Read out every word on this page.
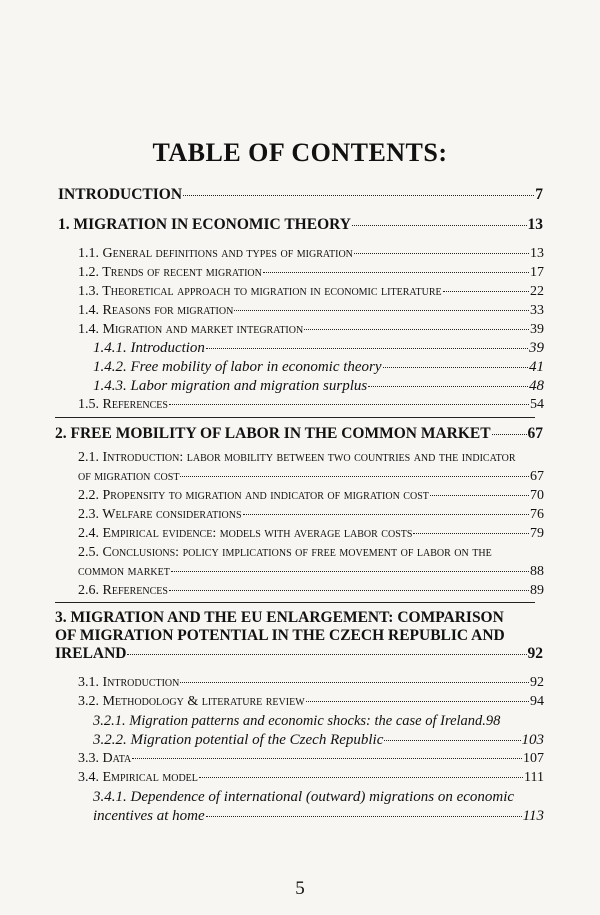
TABLE OF CONTENTS:
INTRODUCTION	7
1. MIGRATION IN ECONOMIC THEORY	13
1.1. General definitions and types of migration	13
1.2. Trends of recent migration	17
1.3. Theoretical approach to migration in economic literature	22
1.4. Reasons for migration	33
1.4. Migration and market integration	39
1.4.1. Introduction	39
1.4.2. Free mobility of labor in economic theory	41
1.4.3. Labor migration and migration surplus	48
1.5. References	54
2. FREE MOBILITY OF LABOR IN THE COMMON MARKET 67
2.1. Introduction: labor mobility between two countries and the indicator
of migration cost	67
2.2. Propensity to migration and indicator of migration cost	70
2.3. Welfare considerations	76
2.4. Empirical evidence: models with average labor costs	79
2.5. Conclusions: policy implications of free movement of labor on the
common market	88
2.6. References	89
3. MIGRATION AND THE EU ENLARGEMENT: COMPARISON
OF MIGRATION POTENTIAL IN THE CZECH REPUBLIC AND
IRELAND	92
3.1. Introduction	92
3.2. Methodology & literature review	94
3.2.1. Migration patterns and economic shocks: the case of Ireland. 98
3.2.2. Migration potential of the Czech Republic	103
3.3. Data	107
3.4. Empirical model	111
3.4.1. Dependence of international (outward) migrations on economic
incentives at home	113
5
